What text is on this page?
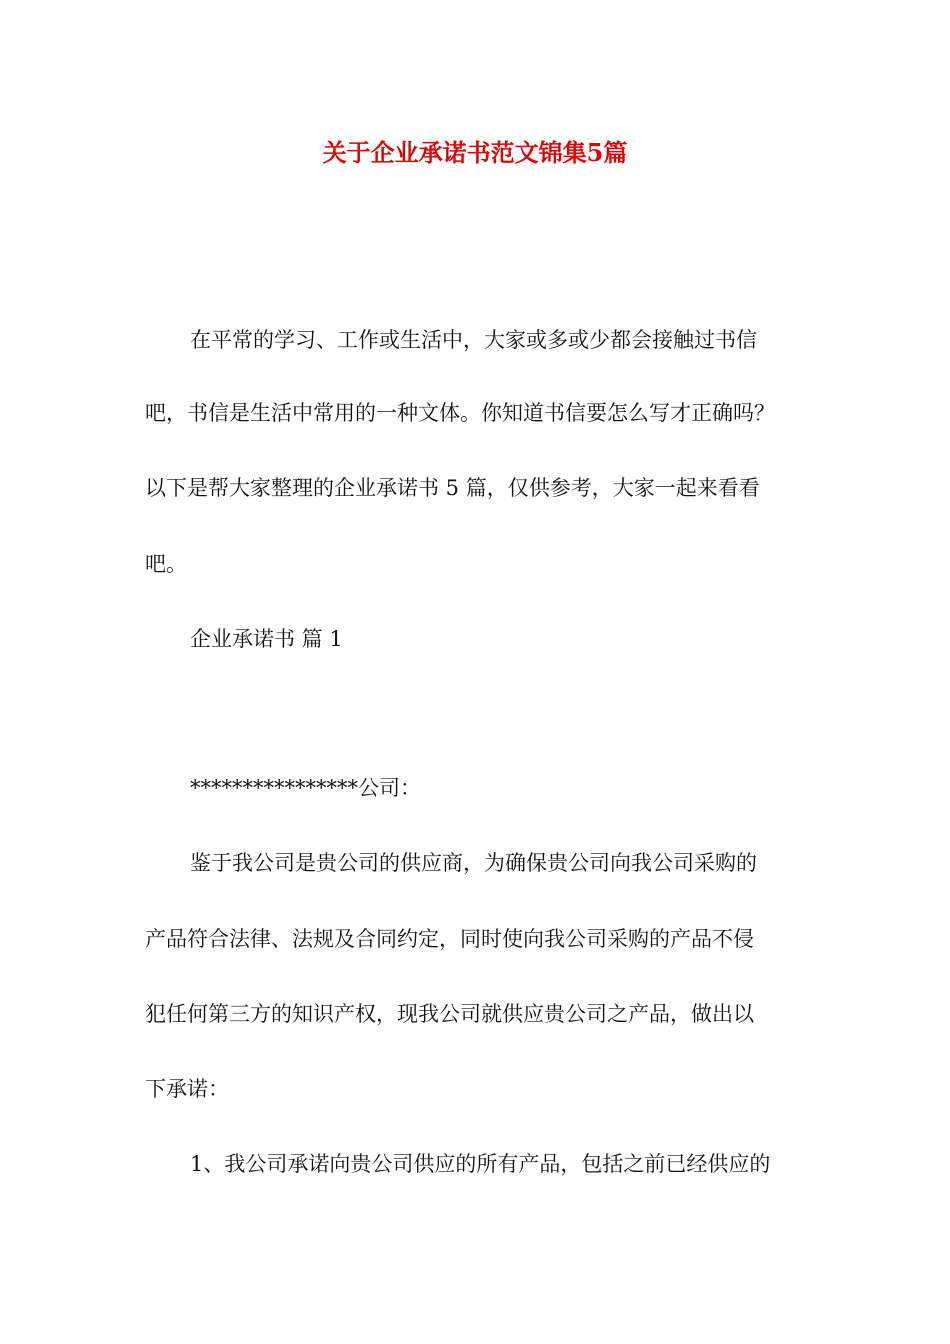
关于企业承诺书范文锦集5篇

在平常的学习、工作或生活中，大家或多或少都会接触过书信

吧，书信是生活中常用的一种文体。你知道书信要怎么写才正确吗？

以下是帮大家整理的企业承诺书 5 篇，仅供参考，大家一起来看看

吧。

企业承诺书 篇 1

****************公司：

鉴于我公司是贵公司的供应商，为确保贵公司向我公司采购的

产品符合法律、法规及合同约定，同时使向我公司采购的产品不侵

犯任何第三方的知识产权，现我公司就供应贵公司之产品，做出以

下承诺：

1、我公司承诺向贵公司供应的所有产品，包括之前已经供应的
